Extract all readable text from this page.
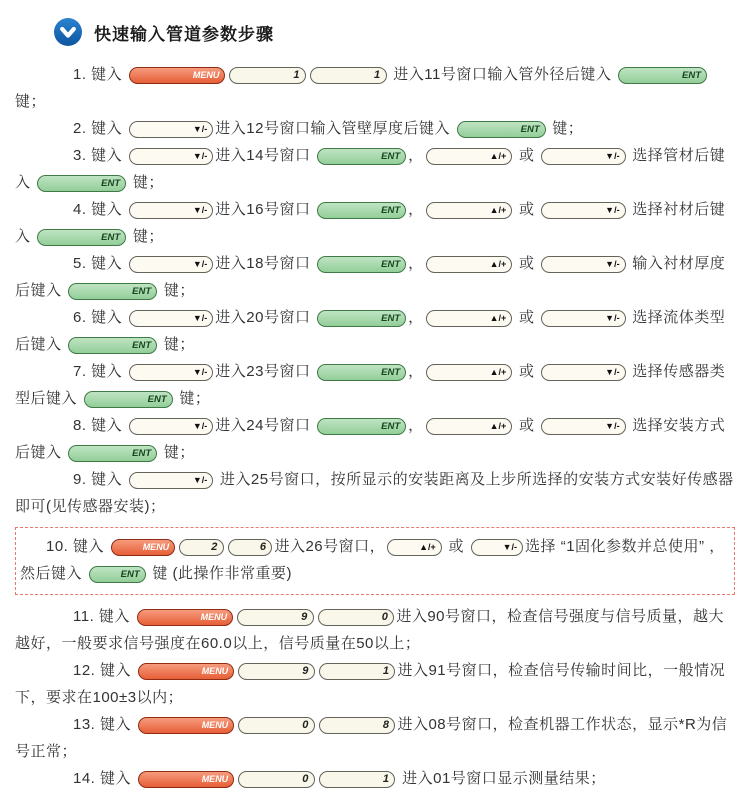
快速输入管道参数步骤

1. 键入	MENU	1	1 进入11号窗口输入管外径后键入	ENT 键；

2. 键入	▼/- 进入12号窗口输入管壁厚度后键入	ENT 键；

3. 键入	▼/- 进入14号窗口	ENT ，	▲/+ 或	▼/- 选择管材后键入	ENT 键；

4. 键入	▼/- 进入16号窗口	ENT ，	▲/+ 或	▼/- 选择衬材后键入	ENT 键；

5. 键入	▼/- 进入18号窗口	ENT ，	▲/+ 或	▼/- 输入衬材厚度后键入	ENT 键；

6. 键入	▼/- 进入20号窗口	ENT ，	▲/+ 或	▼/- 选择流体类型后键入	ENT 键；

7. 键入	▼/- 进入23号窗口	ENT ，	▲/+ 或	▼/- 选择传感器类型后键入	ENT 键；

8. 键入	▼/- 进入24号窗口	ENT ，	▲/+ 或	▼/- 选择安装方式后键入	ENT 键；

9. 键入	▼/- 进入25号窗口，按所显示的安装距离及上步所选择的安装方式安装好传感器即可(见传感器安装)；

10. 键入	MENU	2	6 进入26号窗口，	▲/+ 或	▼/- 选择 “1固化参数并总使用” ，然后键入	ENT 键 (此操作非常重要)

11. 键入	MENU	9	0 进入90号窗口，检查信号强度与信号质量，越大越好，一般要求信号强度在60.0以上，信号质量在50以上；

12. 键入	MENU	9	1 进入91号窗口，检查信号传输时间比，一般情况下，要求在100±3以内；

13. 键入	MENU	0	8 进入08号窗口，检查机器工作状态，显示*R为信号正常；

14. 键入	MENU	0	1 进入01号窗口显示测量结果；
